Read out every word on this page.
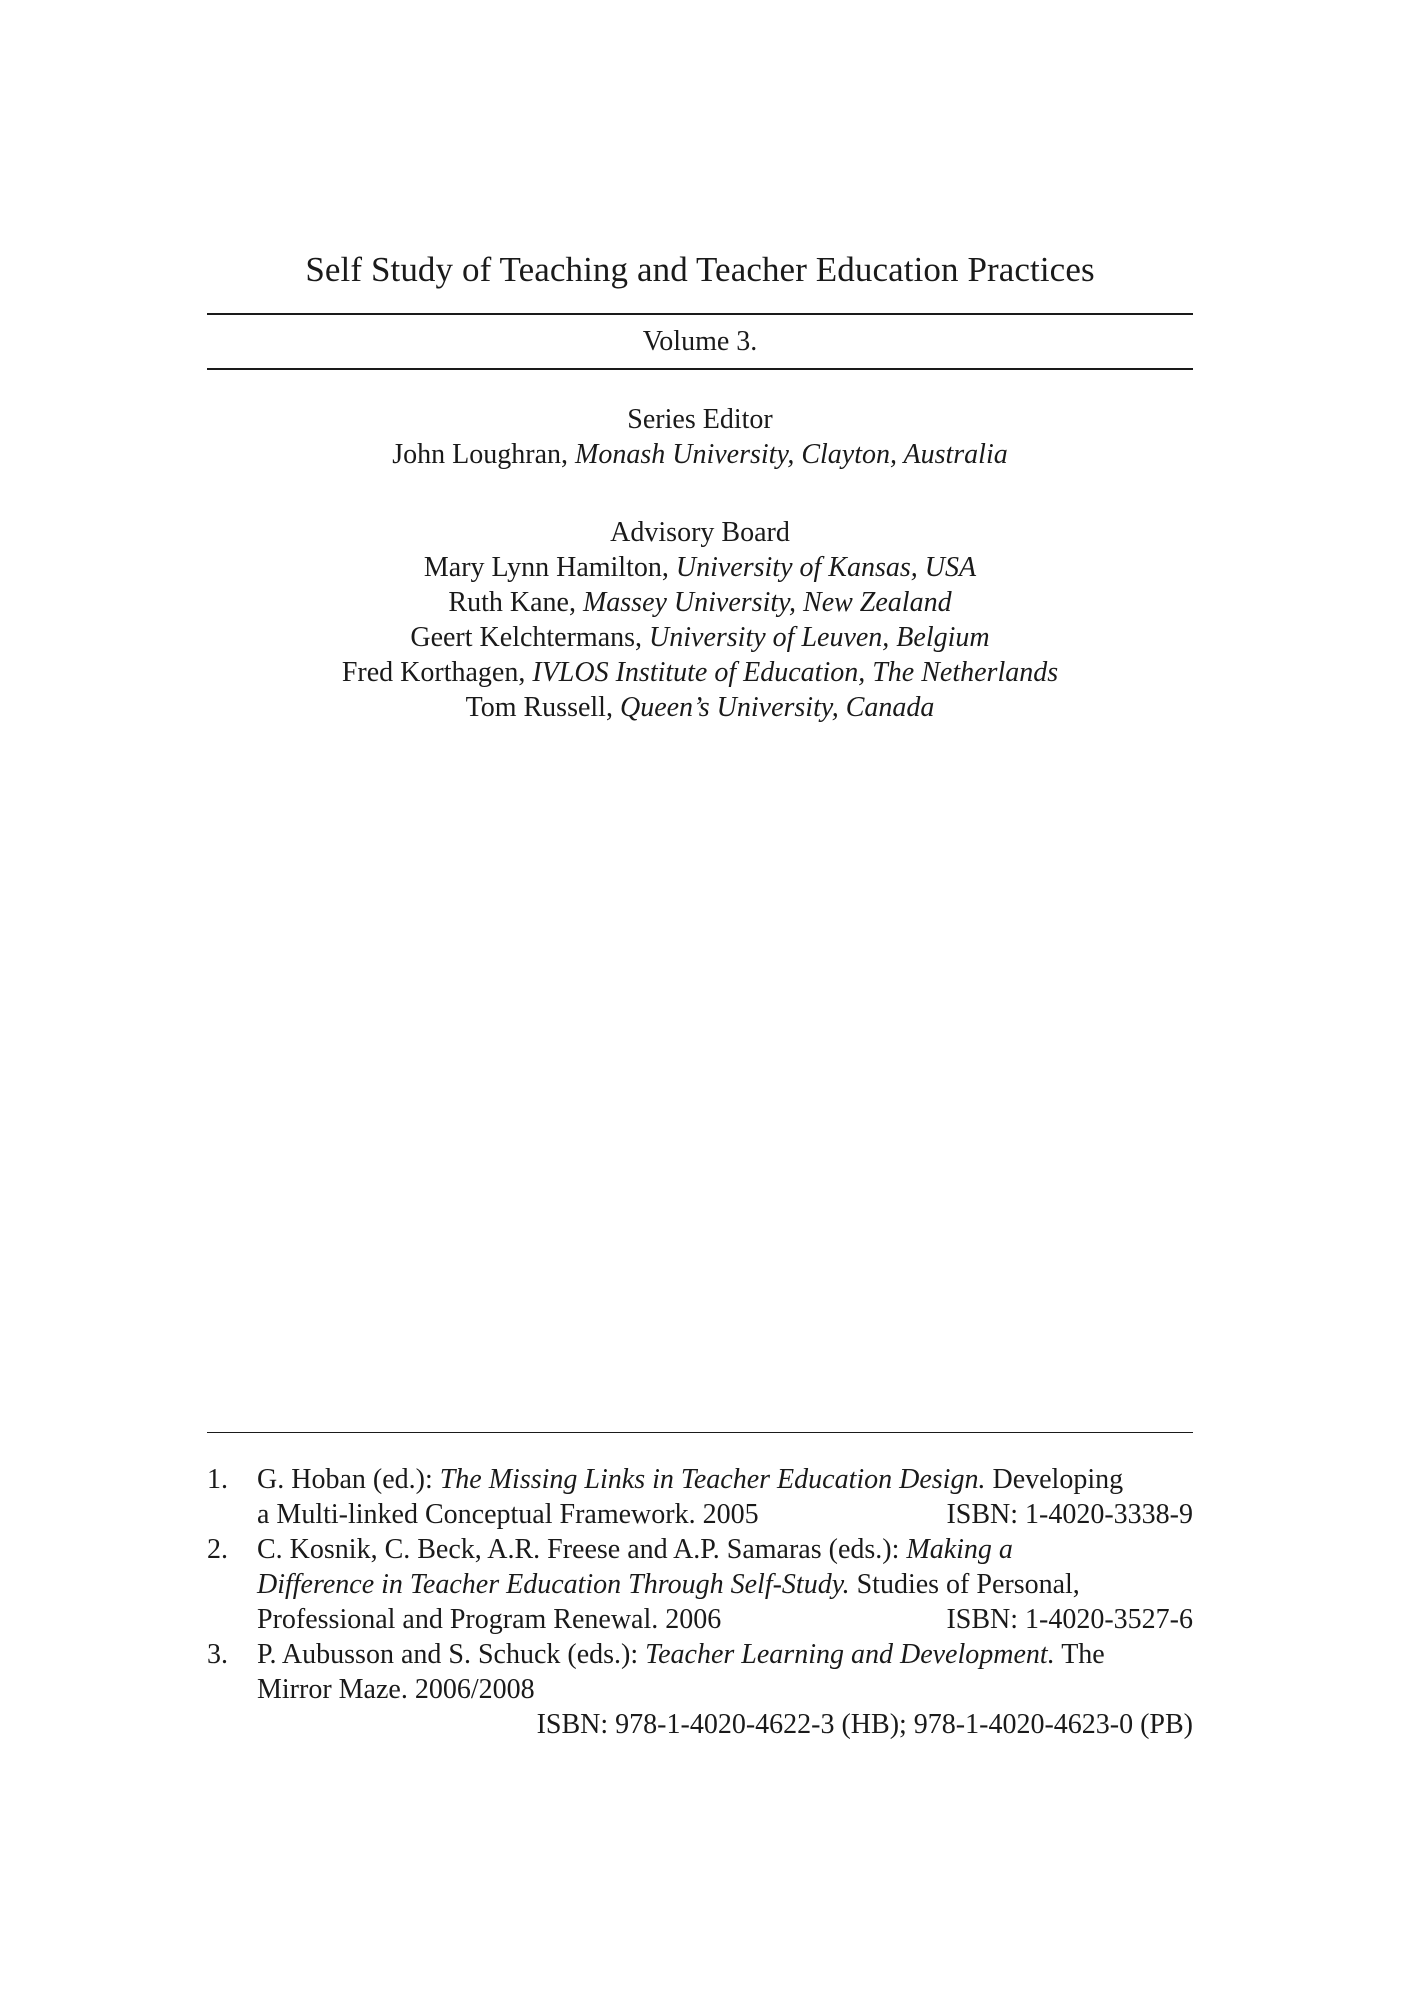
Self Study of Teaching and Teacher Education Practices
Volume 3.
Series Editor
John Loughran, Monash University, Clayton, Australia
Advisory Board
Mary Lynn Hamilton, University of Kansas, USA
Ruth Kane, Massey University, New Zealand
Geert Kelchtermans, University of Leuven, Belgium
Fred Korthagen, IVLOS Institute of Education, The Netherlands
Tom Russell, Queen’s University, Canada
1. G. Hoban (ed.): The Missing Links in Teacher Education Design. Developing
a Multi-linked Conceptual Framework. 2005	ISBN: 1-4020-3338-9
2. C. Kosnik, C. Beck, A.R. Freese and A.P. Samaras (eds.): Making a
Difference in Teacher Education Through Self-Study. Studies of Personal,
Professional and Program Renewal. 2006	ISBN: 1-4020-3527-6
3. P. Aubusson and S. Schuck (eds.): Teacher Learning and Development. The
Mirror Maze. 2006/2008
ISBN: 978-1-4020-4622-3 (HB); 978-1-4020-4623-0 (PB)
